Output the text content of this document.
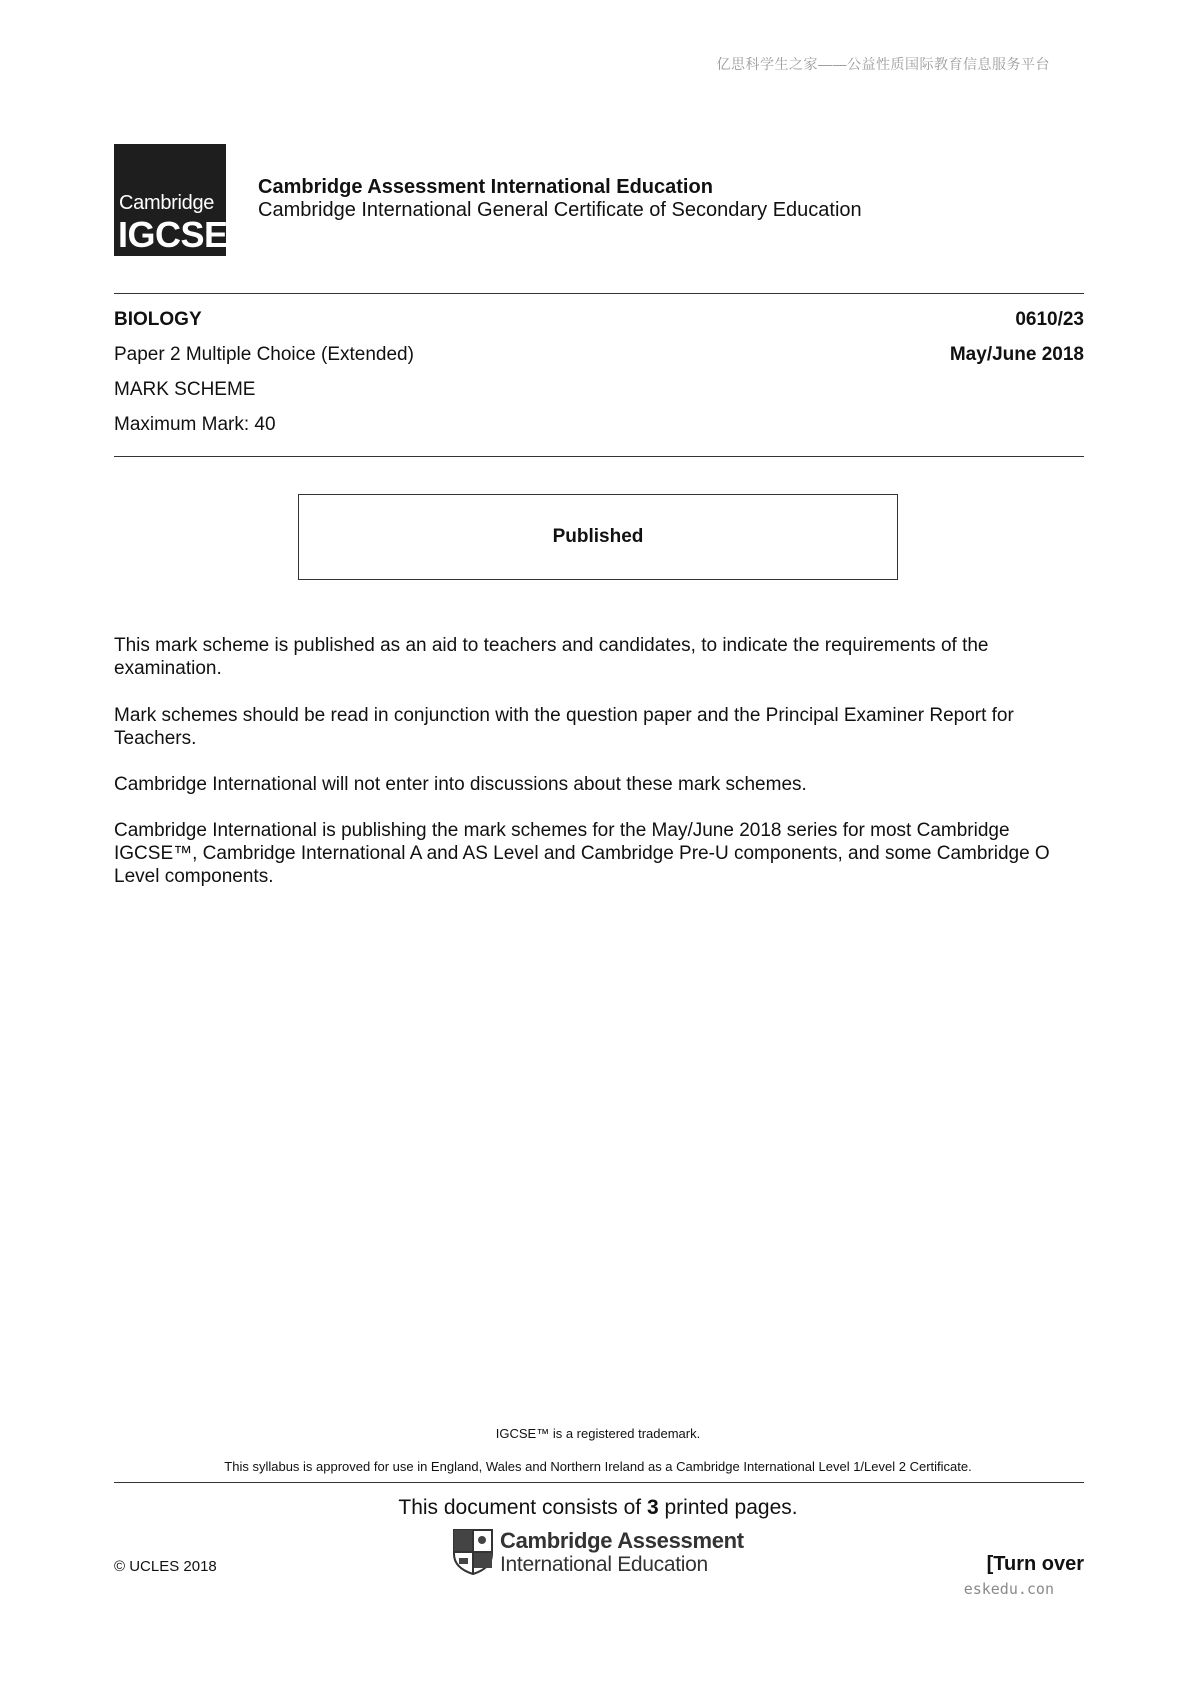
亿思科学生之家——公益性质国际教育信息服务平台
Cambridge
IGCSE
Cambridge Assessment International Education
Cambridge International General Certificate of Secondary Education
BIOLOGY
Paper 2 Multiple Choice (Extended)
MARK SCHEME
Maximum Mark: 40
0610/23
May/June 2018
Published
This mark scheme is published as an aid to teachers and candidates, to indicate the requirements of the examination.
Mark schemes should be read in conjunction with the question paper and the Principal Examiner Report for Teachers.
Cambridge International will not enter into discussions about these mark schemes.
Cambridge International is publishing the mark schemes for the May/June 2018 series for most Cambridge IGCSE™, Cambridge International A and AS Level and Cambridge Pre-U components, and some Cambridge O Level components.
IGCSE™ is a registered trademark.
This syllabus is approved for use in England, Wales and Northern Ireland as a Cambridge International Level 1/Level 2 Certificate.
This document consists of 3 printed pages.
Cambridge Assessment
International Education
© UCLES 2018	[Turn over
eskedu.con
